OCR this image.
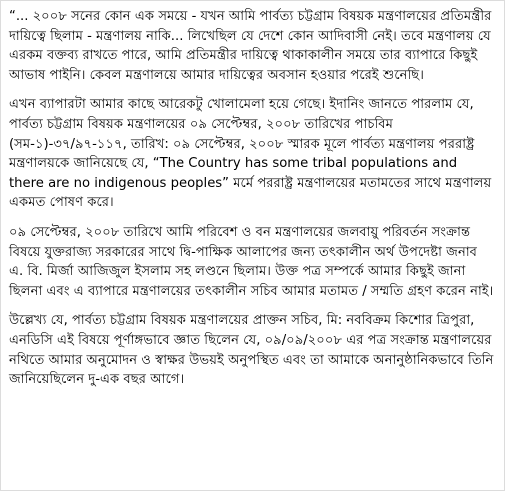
“... ২০০৮ সনের কোন এক সময়ে - যখন আমি পার্বত্য চট্টগ্রাম বিষয়ক মন্ত্রণালয়ের প্রতিমন্ত্রীর দায়িত্বে ছিলাম - মন্ত্রণালয় নাকি... লিখেছিল যে দেশে কোন আদিবাসী নেই। তবে মন্ত্রণালয় যে এরকম বক্তব্য রাখতে পারে, আমি প্রতিমন্ত্রীর দায়িত্বে থাকাকালীন সময়ে তার ব্যাপারে কিছুই আভাষ পাইনি। কেবল মন্ত্রণালয়ে আমার দায়িত্বের অবসান হওয়ার পরেই শুনেছি।

এখন ব্যাপারটা আমার কাছে আরেকটু খোলামেলা হয়ে গেছে। ইদানিং জানতে পারলাম যে, পার্বত্য চট্টগ্রাম বিষয়ক মন্ত্রণালয়ের ০৯ সেপ্টেম্বর, ২০০৮ তারিখের পাচবিম (সম-১)-৩৭/৯৭-১১৭, তারিখ: ০৯ সেপ্টেম্বর, ২০০৮ স্মারক মূলে পার্বত্য মন্ত্রণালয় পররাষ্ট্র মন্ত্রণালয়কে জানিয়েছে যে, “The Country has some tribal populations and there are no indigenous peoples” মর্মে পররাষ্ট্র মন্ত্রণালয়ের মতামতের সাথে মন্ত্রণালয় একমত পোষণ করে।

০৯ সেপ্টেম্বর, ২০০৮ তারিখে আমি পরিবেশ ও বন মন্ত্রণালয়ের জলবায়ু পরিবর্তন সংক্রান্ত বিষয়ে যুক্তরাজ্য সরকারের সাথে দ্বি-পাক্ষিক আলাপের জন্য তৎকালীন অর্থ উপদেষ্টা জনাব এ. বি. মির্জা আজিজুল ইসলাম সহ লণ্ডনে ছিলাম। উক্ত পত্র সম্পর্কে আমার কিছুই জানা ছিলনা এবং এ ব্যাপারে মন্ত্রণালয়ের তৎকালীন সচিব আমার মতামত / সম্মতি গ্রহণ করেন নাই।

উল্লেখ্য যে, পার্বত্য চট্টগ্রাম বিষয়ক মন্ত্রণালয়ের প্রাক্তন সচিব, মি: নববিক্রম কিশোর ত্রিপুরা, এনডিসি এই বিষয়ে পূর্ণাঙ্গভাবে জ্ঞাত ছিলেন যে, ০৯/০৯/২০০৮ এর পত্র সংক্রান্ত মন্ত্রণালয়ের নথিতে আমার অনুমোদন ও স্বাক্ষর উভয়ই অনুপস্থিত এবং তা আমাকে অনানুষ্ঠানিকভাবে তিনি জানিয়েছিলেন দু-এক বছর আগে।
